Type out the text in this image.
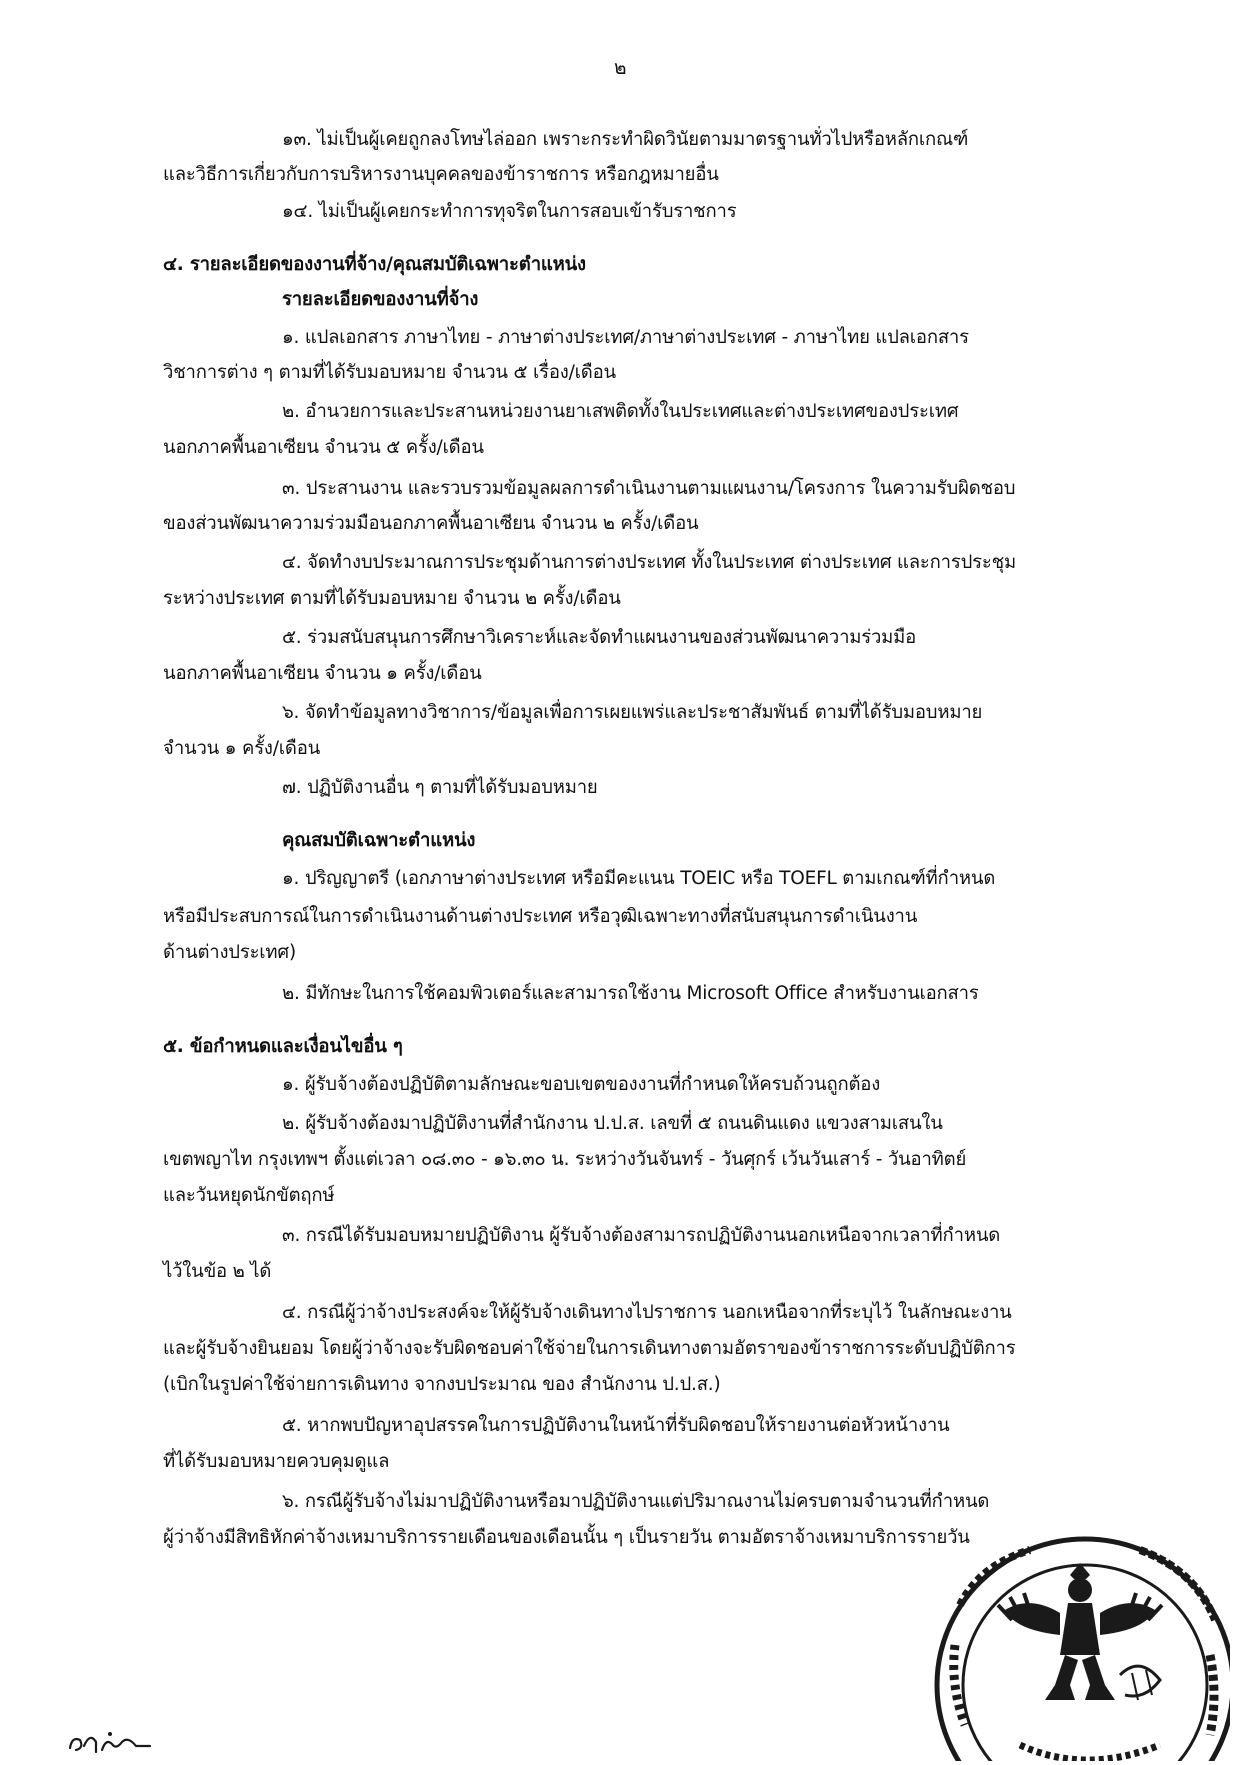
๒
๑๓. ไม่เป็นผู้เคยถูกลงโทษไล่ออก เพราะกระทำผิดวินัยตามมาตรฐานทั่วไปหรือหลักเกณฑ์
และวิธีการเกี่ยวกับการบริหารงานบุคคลของข้าราชการ หรือกฎหมายอื่น
๑๔. ไม่เป็นผู้เคยกระทำการทุจริตในการสอบเข้ารับราชการ
๔. รายละเอียดของงานที่จ้าง/คุณสมบัติเฉพาะตำแหน่ง
รายละเอียดของงานที่จ้าง
๑. แปลเอกสาร ภาษาไทย - ภาษาต่างประเทศ/ภาษาต่างประเทศ - ภาษาไทย แปลเอกสาร
วิชาการต่าง ๆ ตามที่ได้รับมอบหมาย จำนวน ๕ เรื่อง/เดือน
๒. อำนวยการและประสานหน่วยงานยาเสพติดทั้งในประเทศและต่างประเทศของประเทศ
นอกภาคพื้นอาเซียน จำนวน ๕ ครั้ง/เดือน
๓. ประสานงาน และรวบรวมข้อมูลผลการดำเนินงานตามแผนงาน/โครงการ ในความรับผิดชอบ
ของส่วนพัฒนาความร่วมมือนอกภาคพื้นอาเซียน จำนวน ๒ ครั้ง/เดือน
๔. จัดทำงบประมาณการประชุมด้านการต่างประเทศ ทั้งในประเทศ ต่างประเทศ และการประชุม
ระหว่างประเทศ ตามที่ได้รับมอบหมาย จำนวน ๒ ครั้ง/เดือน
๕. ร่วมสนับสนุนการศึกษาวิเคราะห์และจัดทำแผนงานของส่วนพัฒนาความร่วมมือ
นอกภาคพื้นอาเซียน จำนวน ๑ ครั้ง/เดือน
๖. จัดทำข้อมูลทางวิชาการ/ข้อมูลเพื่อการเผยแพร่และประชาสัมพันธ์ ตามที่ได้รับมอบหมาย
จำนวน ๑ ครั้ง/เดือน
๗. ปฏิบัติงานอื่น ๆ ตามที่ได้รับมอบหมาย
คุณสมบัติเฉพาะตำแหน่ง
๑. ปริญญาตรี (เอกภาษาต่างประเทศ หรือมีคะแนน TOEIC หรือ TOEFL ตามเกณฑ์ที่กำหนด
หรือมีประสบการณ์ในการดำเนินงานด้านต่างประเทศ หรือวุฒิเฉพาะทางที่สนับสนุนการดำเนินงาน
ด้านต่างประเทศ)
๒. มีทักษะในการใช้คอมพิวเตอร์และสามารถใช้งาน Microsoft Office สำหรับงานเอกสาร
๕. ข้อกำหนดและเงื่อนไขอื่น ๆ
๑. ผู้รับจ้างต้องปฏิบัติตามลักษณะขอบเขตของงานที่กำหนดให้ครบถ้วนถูกต้อง
๒. ผู้รับจ้างต้องมาปฏิบัติงานที่สำนักงาน ป.ป.ส. เลขที่ ๕ ถนนดินแดง แขวงสามเสนใน
เขตพญาไท กรุงเทพฯ ตั้งแต่เวลา ๐๘.๓๐ - ๑๖.๓๐ น. ระหว่างวันจันทร์ - วันศุกร์ เว้นวันเสาร์ - วันอาทิตย์
และวันหยุดนักขัตฤกษ์
๓. กรณีได้รับมอบหมายปฏิบัติงาน ผู้รับจ้างต้องสามารถปฏิบัติงานนอกเหนือจากเวลาที่กำหนด
ไว้ในข้อ ๒ ได้
๔. กรณีผู้ว่าจ้างประสงค์จะให้ผู้รับจ้างเดินทางไปราชการ นอกเหนือจากที่ระบุไว้ ในลักษณะงาน
และผู้รับจ้างยินยอม โดยผู้ว่าจ้างจะรับผิดชอบค่าใช้จ่ายในการเดินทางตามอัตราของข้าราชการระดับปฏิบัติการ
(เบิกในรูปค่าใช้จ่ายการเดินทาง จากงบประมาณ ของ สำนักงาน ป.ป.ส.)
๕. หากพบปัญหาอุปสรรคในการปฏิบัติงานในหน้าที่รับผิดชอบให้รายงานต่อหัวหน้างาน
ที่ได้รับมอบหมายควบคุมดูแล
๖. กรณีผู้รับจ้างไม่มาปฏิบัติงานหรือมาปฏิบัติงานแต่ปริมาณงานไม่ครบตามจำนวนที่กำหนด
ผู้ว่าจ้างมีสิทธิหักค่าจ้างเหมาบริการรายเดือนของเดือนนั้น ๆ เป็นรายวัน ตามอัตราจ้างเหมาบริการรายวัน
